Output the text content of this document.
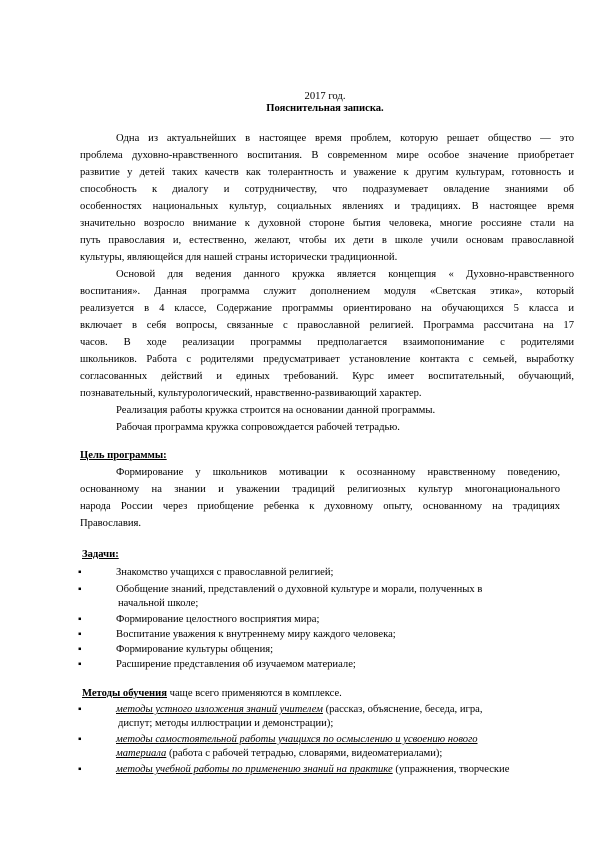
2017 год.
Пояснительная записка.
Одна из актуальнейших в настоящее время проблем, которую решает общество — это
проблема духовно-нравственного воспитания. В современном мире особое значение приобретает
развитие у детей таких качеств как толерантность и уважение к другим культурам, готовность и
способность к диалогу и сотрудничеству, что подразумевает овладение знаниями об
особенностях национальных культур, социальных явлениях и традициях. В настоящее время
значительно возросло внимание к духовной стороне бытия человека, многие россияне стали на
путь православия и, естественно, желают, чтобы их дети в школе учили основам православной
культуры, являющейся для нашей страны исторически традиционной.
Основой для ведения данного кружка является концепция « Духовно-нравственного
воспитания». Данная программа служит дополнением модуля «Светская этика», который
реализуется в 4 классе, Содержание программы ориентировано на обучающихся 5 класса и
включает в себя вопросы, связанные с православной религией. Программа рассчитана на 17
часов. В ходе реализации программы предполагается взаимопонимание с родителями
школьников. Работа с родителями предусматривает установление контакта с семьей, выработку
согласованных действий и единых требований. Курс имеет воспитательный, обучающий,
познавательный, культурологический, нравственно-развивающий характер.
Реализация работы кружка строится на основании данной программы.
Рабочая программа кружка сопровождается рабочей тетрадью.
Цель программы:
Формирование у школьников мотивации к осознанному нравственному поведению,
основанному на знании и уважении традиций религиозных культур многонационального
народа России через приобщение ребенка к духовному опыту, основанному на традициях
Православия.
Задачи:
▪	Знакомство учащихся с православной религией;
▪	Обобщение знаний, представлений о духовной культуре и морали, полученных в
начальной школе;
▪	Формирование целостного восприятия мира;
▪	Воспитание уважения к внутреннему миру каждого человека;
▪	Формирование культуры общения;
▪	Расширение представления об изучаемом материале;
Методы обучения чаще всего применяются в комплексе.
▪	методы устного изложения знаний учителем (рассказ, объяснение, беседа, игра,
диспут; методы иллюстрации и демонстрации);
▪	методы самостоятельной работы учащихся по осмыслению и усвоению нового
материала (работа с рабочей тетрадью, словарями, видеоматериалами);
▪	методы учебной работы по применению знаний на практике (упражнения, творческие
